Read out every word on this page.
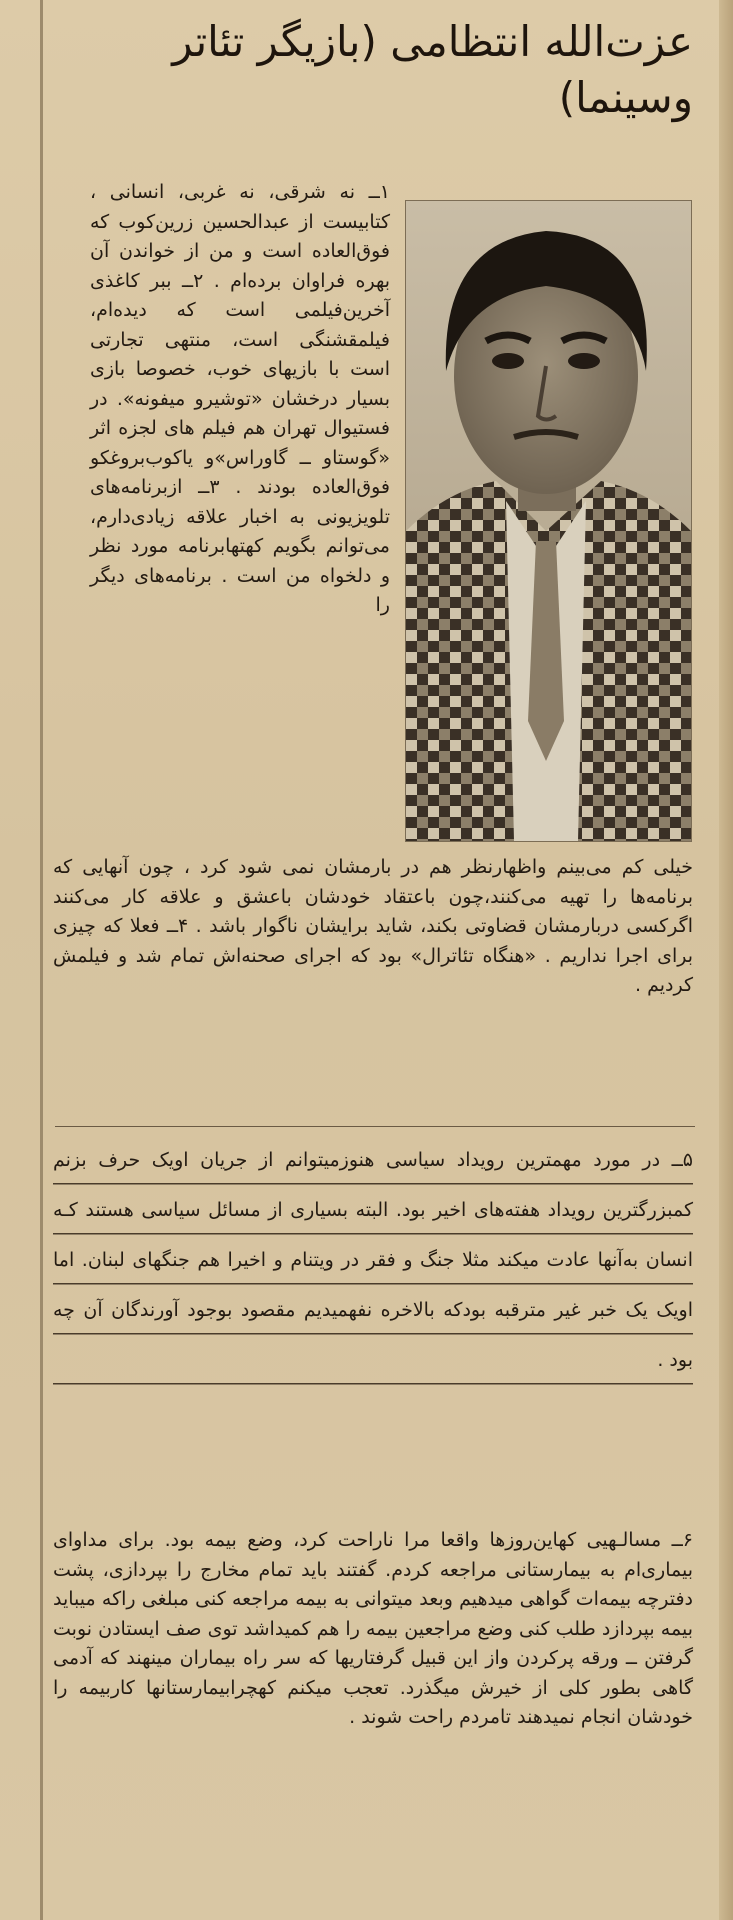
عزت‌الله انتظامی (بازیگر تئاتر وسینما)

۱ــ نه شرقی، نه غربی، انسانی ، کتابیست از عبدالحسین زرین‌کوب که فوق‌العاده است و من از خواندن آن بهره فراوان برده‌ام . ۲ــ ببر کاغذی آخرین‌فیلمی است که دیده‌ام، فیلمقشنگی است، منتهی تجارتی است با بازیهای خوب، خصوصا بازی بسیار درخشان «توشیرو میفونه». در فستیوال تهران هم فیلم های لجزه اثر «گوستاو ــ گاوراس»و یاکوب‌بروغکو فوق‌العاده بودند . ۳ــ ازبرنامه‌های تلویزیونی به اخبار علاقه زیادی‌دارم، می‌توانم بگویم کهتهابرنامه مورد نظر و دلخواه من است . برنامه‌های دیگر را

خیلی کم می‌بینم واظهارنظر هم در بارمشان نمی شود کرد ، چون آنهایی که برنامه‌ها را تهیه می‌کنند،چون باعتقاد خودشان باعشق و علاقه کار می‌کنند اگرکسی دربارمشان قضاوتی بکند، شاید برایشان ناگوار باشد . ۴ــ فعلا که چیزی برای اجرا نداریم . «هنگاه تئاترال» بود که اجرای صحنه‌اش تمام شد و فیلمش کردیم .

۵ــ در مورد مهمترین رویداد سیاسی هنوزمیتوانم از جریان اویک حرف بزنم کمبزرگترین رویداد هفته‌های اخیر بود. البته بسیاری از مسائل سیاسی هستند کـه انسان به‌آنها عادت میکند مثلا جنگ و فقر در ویتنام و اخیرا هم جنگهای لبنان. اما اویک یک خبر غیر مترقبه بودکه بالاخره نفهمیدیم مقصود بوجود آورندگان آن چه بود .

۶ــ مسالـهیی کهاین‌روزها واقعا مرا ناراحت کرد، وضع بیمه بود. برای مداوای بیماری‌ام به بیمارستانی مراجعه کردم. گفتند باید تمام مخارج را بپردازی، پشت دفترچه بیمه‌ات گواهی میدهیم وبعد میتوانی به بیمه مراجعه کنی مبلغی راکه میباید بیمه بپردازد طلب کنی وضع مراجعین بیمه را هم کمیداشد توی صف ایستادن نوبت گرفتن ــ ورقه پرکردن واز این قبیل گرفتاریها که سر راه بیماران مینهند که آدمی گاهی بطور کلی از خیرش میگذرد. تعجب میکنم کهچرابیمارستانها کاربیمه را خودشان انجام نمیدهند تامردم راحت شوند .
